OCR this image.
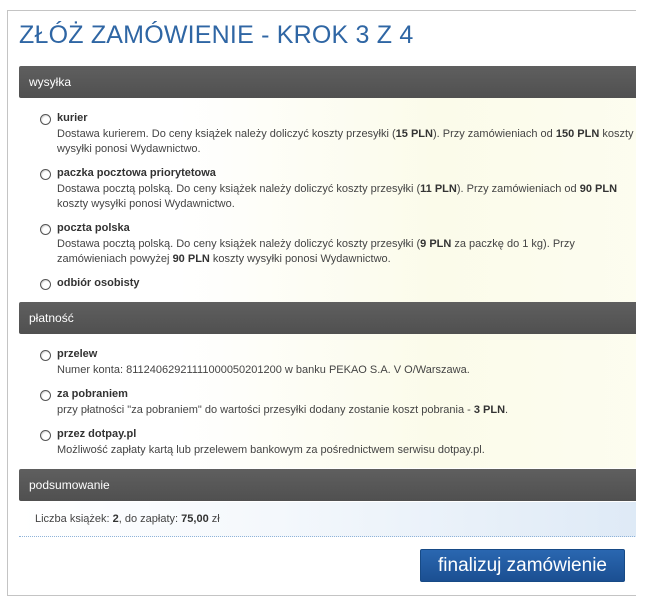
ZŁÓŻ ZAMÓWIENIE - KROK 3 Z 4
wysyłka
kurier
Dostawa kurierem. Do ceny książek należy doliczyć koszty przesyłki (15 PLN). Przy zamówieniach od 150 PLN koszty
wysyłki ponosi Wydawnictwo.
paczka pocztowa priorytetowa
Dostawa pocztą polską. Do ceny książek należy doliczyć koszty przesyłki (11 PLN). Przy zamówieniach od 90 PLN
koszty wysyłki ponosi Wydawnictwo.
poczta polska
Dostawa pocztą polską. Do ceny książek należy doliczyć koszty przesyłki (9 PLN za paczkę do 1 kg). Przy
zamówieniach powyżej 90 PLN koszty wysyłki ponosi Wydawnictwo.
odbiór osobisty
płatność
przelew
Numer konta: 81124062921111000050201200 w banku PEKAO S.A. V O/Warszawa.
za pobraniem
przy płatności "za pobraniem" do wartości przesyłki dodany zostanie koszt pobrania - 3 PLN.
przez dotpay.pl
Możliwość zapłaty kartą lub przelewem bankowym za pośrednictwem serwisu dotpay.pl.
podsumowanie
Liczba książek: 2, do zapłaty: 75,00 zł
finalizuj zamówienie
